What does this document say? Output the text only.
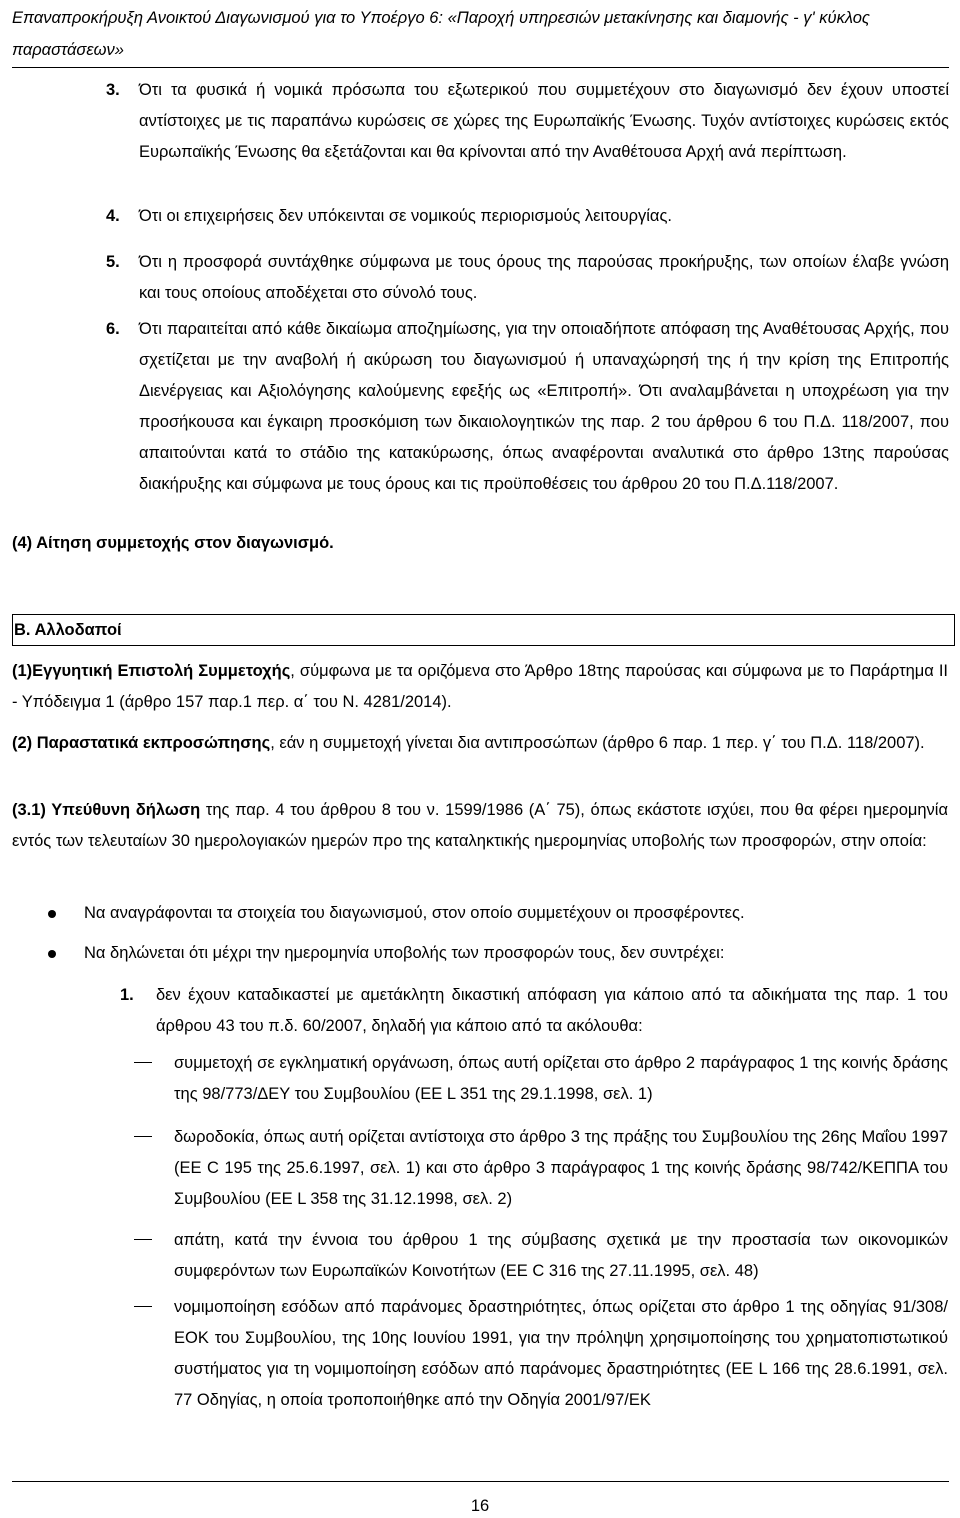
Επαναπροκήρυξη Ανοικτού Διαγωνισμού για το Υποέργο 6: «Παροχή υπηρεσιών μετακίνησης και διαμονής - γ' κύκλος παραστάσεων»
3. Ότι τα φυσικά ή νομικά πρόσωπα του εξωτερικού που συμμετέχουν στο διαγωνισμό δεν έχουν υποστεί αντίστοιχες με τις παραπάνω κυρώσεις σε χώρες της Ευρωπαϊκής Ένωσης. Τυχόν αντίστοιχες κυρώσεις εκτός Ευρωπαϊκής Ένωσης θα εξετάζονται και θα κρίνονται από την Αναθέτουσα Αρχή ανά περίπτωση.
4. Ότι οι επιχειρήσεις δεν υπόκεινται σε νομικούς περιορισμούς λειτουργίας.
5. Ότι η προσφορά συντάχθηκε σύμφωνα με τους όρους της παρούσας προκήρυξης, των οποίων έλαβε γνώση και τους οποίους αποδέχεται στο σύνολό τους.
6. Ότι παραιτείται από κάθε δικαίωμα αποζημίωσης, για την οποιαδήποτε απόφαση της Αναθέτουσας Αρχής, που σχετίζεται με την αναβολή ή ακύρωση του διαγωνισμού ή υπαναχώρησή της ή την κρίση της Επιτροπής Διενέργειας και Αξιολόγησης καλούμενης εφεξής ως «Επιτροπή». Ότι αναλαμβάνεται η υποχρέωση για την προσήκουσα και έγκαιρη προσκόμιση των δικαιολογητικών της παρ. 2 του άρθρου 6 του Π.Δ. 118/2007, που απαιτούνται κατά το στάδιο της κατακύρωσης, όπως αναφέρονται αναλυτικά στο άρθρο 13της παρούσας διακήρυξης και σύμφωνα με τους όρους και τις προϋποθέσεις του άρθρου 20 του Π.Δ.118/2007.
(4) Αίτηση συμμετοχής στον διαγωνισμό.
Β. Αλλοδαποί
(1)Εγγυητική Επιστολή Συμμετοχής, σύμφωνα με τα οριζόμενα στο Άρθρο 18της παρούσας και σύμφωνα με το Παράρτημα ΙΙ - Υπόδειγμα 1 (άρθρο 157 παρ.1 περ. α΄ του Ν. 4281/2014).
(2) Παραστατικά εκπροσώπησης, εάν η συμμετοχή γίνεται δια αντιπροσώπων (άρθρο 6 παρ. 1 περ. γ΄ του Π.Δ. 118/2007).
(3.1) Υπεύθυνη δήλωση της παρ. 4 του άρθρου 8 του ν. 1599/1986 (Α΄ 75), όπως εκάστοτε ισχύει, που θα φέρει ημερομηνία εντός των τελευταίων 30 ημερολογιακών ημερών προ της καταληκτικής ημερομηνίας υποβολής των προσφορών, στην οποία:
Να αναγράφονται τα στοιχεία του διαγωνισμού, στον οποίο συμμετέχουν οι προσφέροντες.
Να δηλώνεται ότι μέχρι την ημερομηνία υποβολής των προσφορών τους, δεν συντρέχει:
1. δεν έχουν καταδικαστεί με αμετάκλητη δικαστική απόφαση για κάποιο από τα αδικήματα της παρ. 1 του άρθρου 43 του π.δ. 60/2007, δηλαδή για κάποιο από τα ακόλουθα:
συμμετοχή σε εγκληματική οργάνωση, όπως αυτή ορίζεται στο άρθρο 2 παράγραφος 1 της κοινής δράσης της 98/773/ΔΕΥ του Συμβουλίου (ΕΕ L 351 της 29.1.1998, σελ. 1)
δωροδοκία, όπως αυτή ορίζεται αντίστοιχα στο άρθρο 3 της πράξης του Συμβουλίου της 26ης Μαΐου 1997 (ΕΕ C 195 της 25.6.1997, σελ. 1) και στο άρθρο 3 παράγραφος 1 της κοινής δράσης 98/742/ΚΕΠΠΑ του Συμβουλίου (ΕΕ L 358 της 31.12.1998, σελ. 2)
απάτη, κατά την έννοια του άρθρου 1 της σύμβασης σχετικά με την προστασία των οικονομικών συμφερόντων των Ευρωπαϊκών Κοινοτήτων (ΕΕ C 316 της 27.11.1995, σελ. 48)
νομιμοποίηση εσόδων από παράνομες δραστηριότητες, όπως ορίζεται στο άρθρο 1 της οδηγίας 91/308/ΕΟΚ του Συμβουλίου, της 10ης Ιουνίου 1991, για την πρόληψη χρησιμοποίησης του χρηματοπιστωτικού συστήματος για τη νομιμοποίηση εσόδων από παράνομες δραστηριότητες (ΕΕ L 166 της 28.6.1991, σελ. 77 Οδηγίας, η οποία τροποποιήθηκε από την Οδηγία 2001/97/ΕΚ
16
